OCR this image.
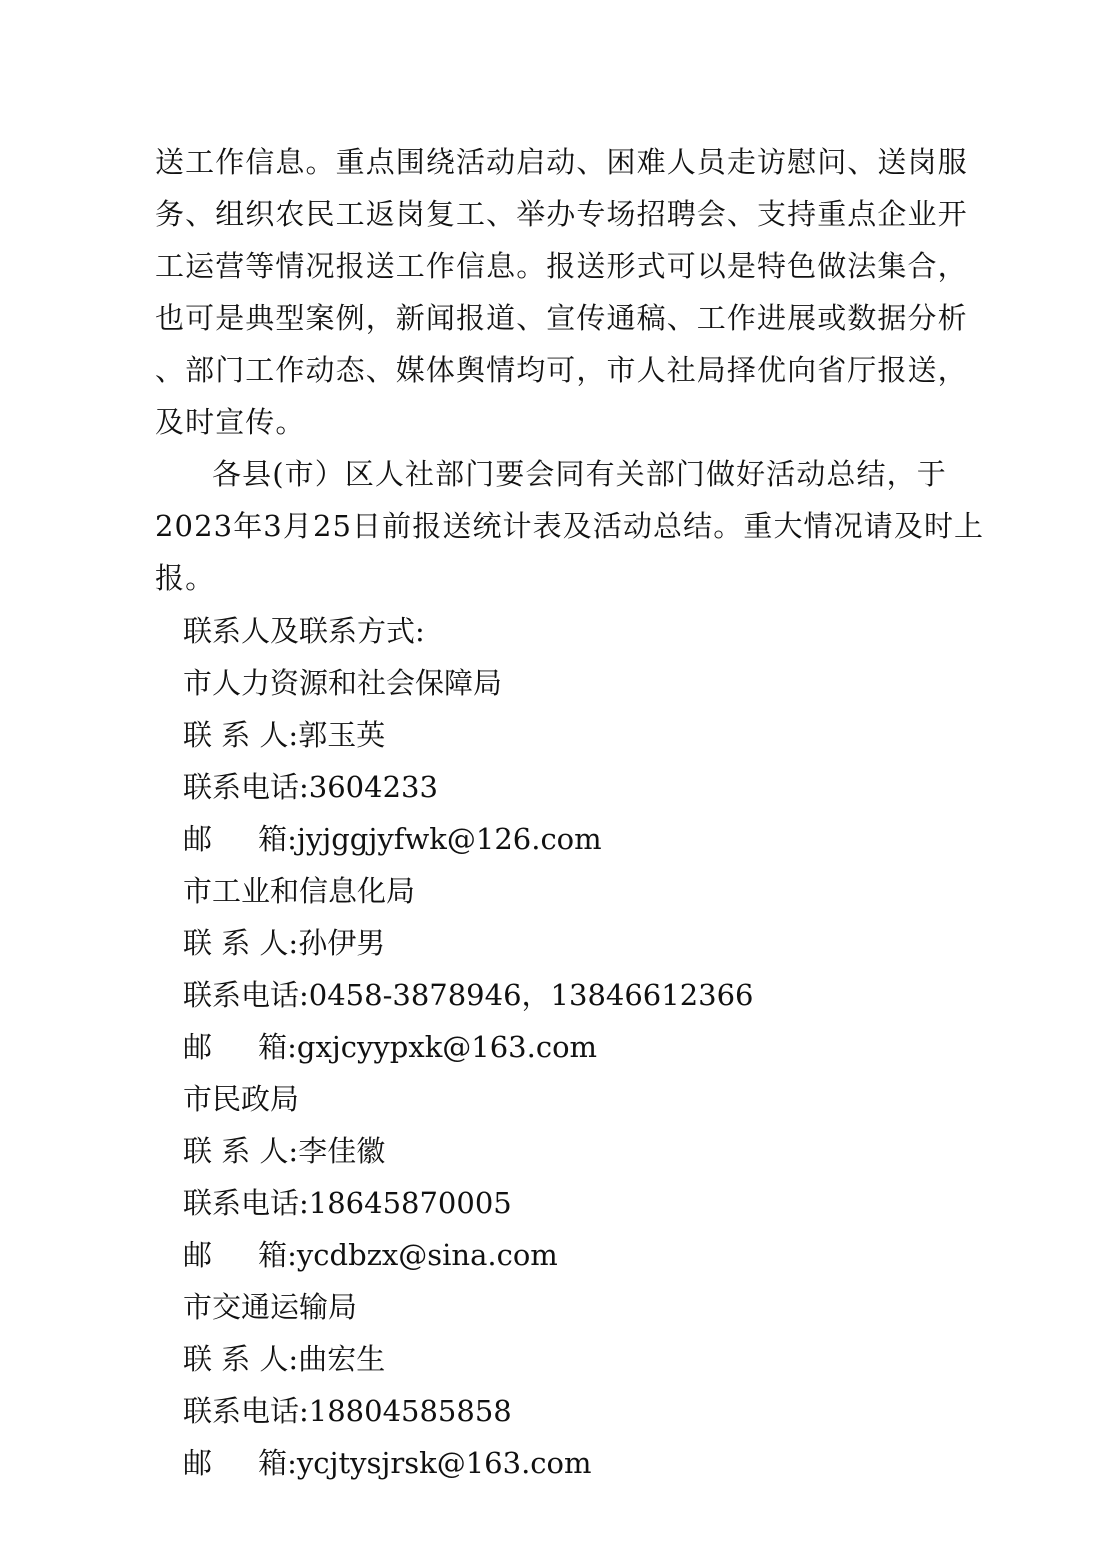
送工作信息。重点围绕活动启动、困难人员走访慰问、送岗服
务、组织农民工返岗复工、举办专场招聘会、支持重点企业开
工运营等情况报送工作信息。报送形式可以是特色做法集合，
也可是典型案例，新闻报道、宣传通稿、工作进展或数据分析
、部门工作动态、媒体舆情均可，市人社局择优向省厅报送，
及时宣传。
各县(市）区人社部门要会同有关部门做好活动总结，于
2023年3月25日前报送统计表及活动总结。重大情况请及时上
报。
联系人及联系方式:
市人力资源和社会保障局
联 系 人:郭玉英
联系电话:3604233
邮     箱:jyjggjyfwk@126.com
市工业和信息化局
联 系 人:孙伊男
联系电话:0458-3878946，13846612366
邮     箱:gxjcyypxk@163.com
市民政局
联 系 人:李佳徽
联系电话:18645870005
邮     箱:ycdbzx@sina.com
市交通运输局
联 系 人:曲宏生
联系电话:18804585858
邮     箱:ycjtysjrsk@163.com
